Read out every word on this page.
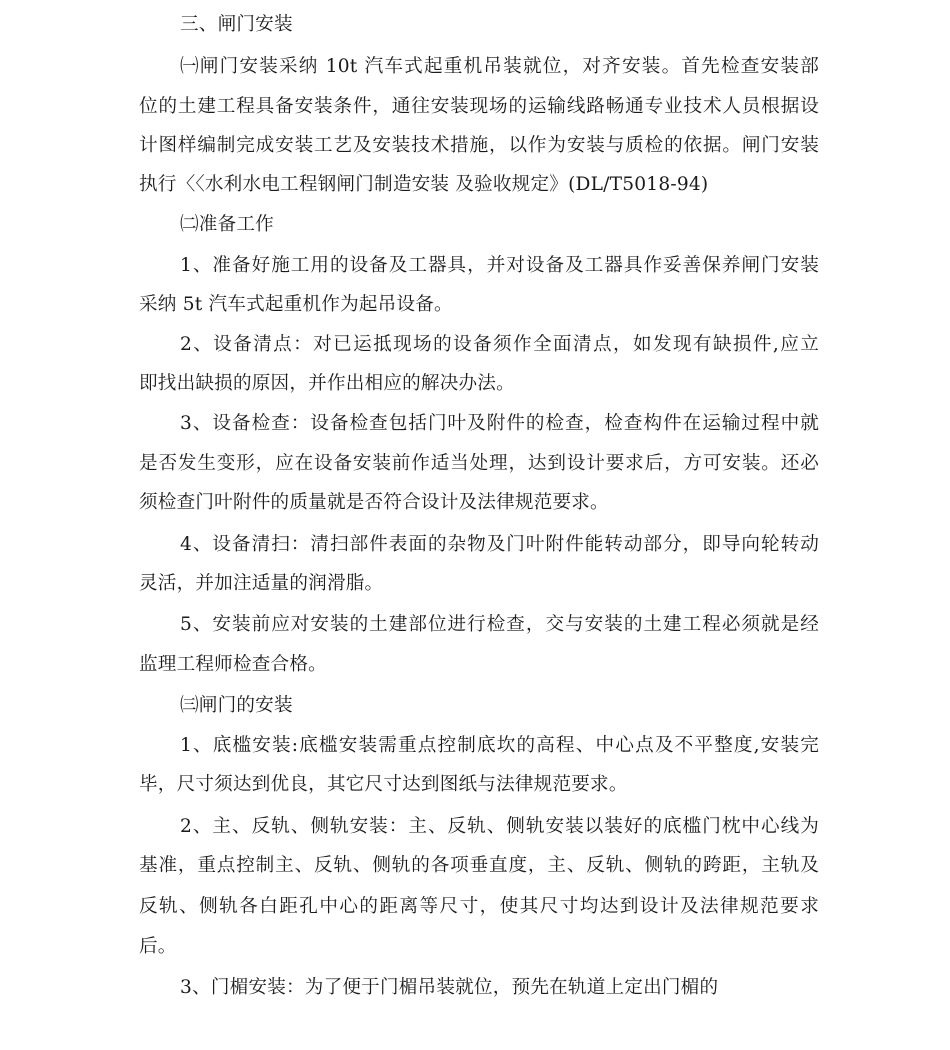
三、闸门安装
㈠闸门安装采纳 10t 汽车式起重机吊装就位，对齐安装。首先检查安装部
位的土建工程具备安装条件，通往安装现场的运输线路畅通专业技术人员根据设
计图样编制完成安装工艺及安装技术措施，以作为安装与质检的依据。闸门安装
执行〈〈水利水电工程钢闸门制造安装 及验收规定》(DL/T5018-94)
㈡准备工作
1、准备好施工用的设备及工器具，并对设备及工器具作妥善保养闸门安装
采纳 5t 汽车式起重机作为起吊设备。
2、设备清点：对已运抵现场的设备须作全面清点，如发现有缺损件,应立
即找出缺损的原因，并作出相应的解决办法。
3、设备检查：设备检查包括门叶及附件的检查，检查构件在运输过程中就
是否发生变形，应在设备安装前作适当处理，达到设计要求后，方可安装。还必
须检查门叶附件的质量就是否符合设计及法律规范要求。
4、设备清扫：清扫部件表面的杂物及门叶附件能转动部分，即导向轮转动
灵活，并加注适量的润滑脂。
5、安装前应对安装的土建部位进行检查，交与安装的土建工程必须就是经
监理工程师检查合格。
㈢闸门的安装
1、底槛安装:底槛安装需重点控制底坎的高程、中心点及不平整度,安装完
毕，尺寸须达到优良，其它尺寸达到图纸与法律规范要求。
2、主、反轨、侧轨安装：主、反轨、侧轨安装以装好的底槛门枕中心线为
基准，重点控制主、反轨、侧轨的各项垂直度，主、反轨、侧轨的跨距，主轨及
反轨、侧轨各白距孔中心的距离等尺寸，使其尺寸均达到设计及法律规范要求
后。
3、门楣安装：为了便于门楣吊装就位，预先在轨道上定出门楣的
